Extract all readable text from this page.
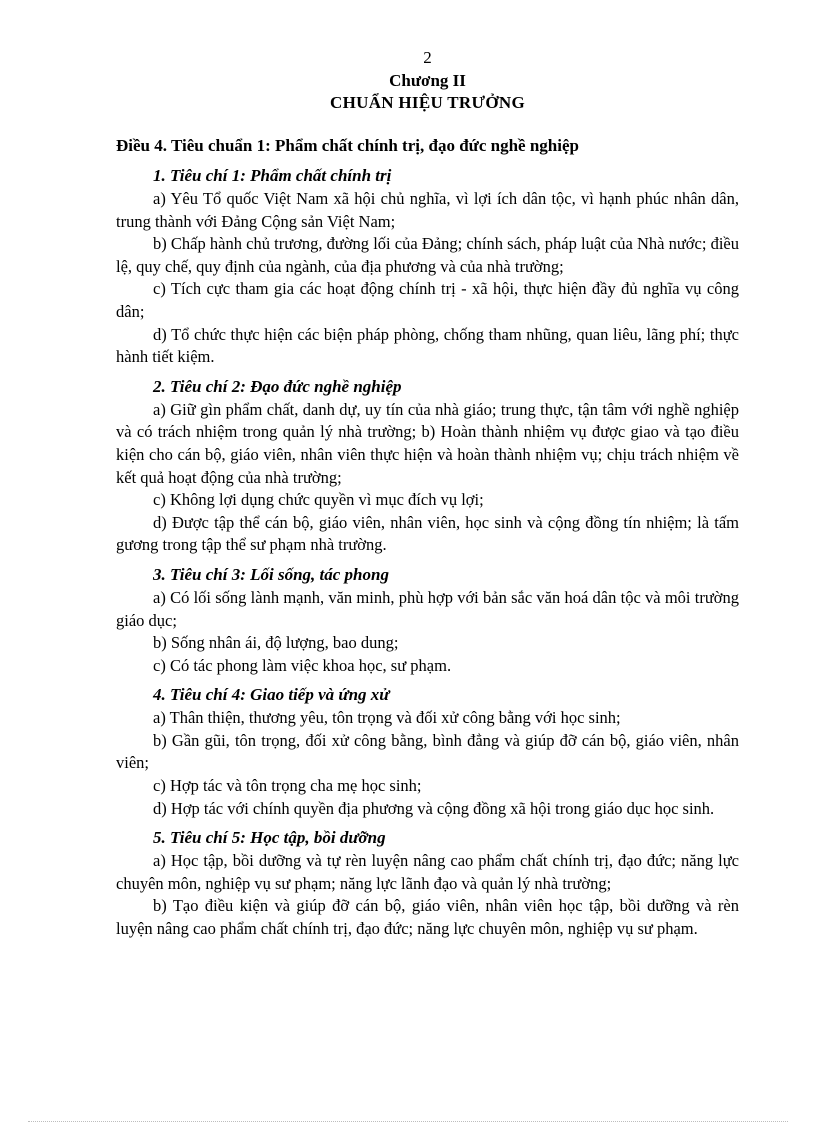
2
Chương II
CHUẨN HIỆU TRƯỞNG
Điều 4. Tiêu chuẩn 1: Phẩm chất chính trị, đạo đức nghề nghiệp
1. Tiêu chí 1: Phẩm chất chính trị

a) Yêu Tổ quốc Việt Nam xã hội chủ nghĩa, vì lợi ích dân tộc, vì hạnh phúc nhân dân, trung thành với Đảng Cộng sản Việt Nam;

b) Chấp hành chủ trương, đường lối của Đảng; chính sách, pháp luật của Nhà nước; điều lệ, quy chế, quy định của ngành, của địa phương và của nhà trường;

c) Tích cực tham gia các hoạt động chính trị - xã hội, thực hiện đầy đủ nghĩa vụ công dân;

d) Tổ chức thực hiện các biện pháp phòng, chống tham nhũng, quan liêu, lãng phí; thực hành tiết kiệm.

2. Tiêu chí 2: Đạo đức nghề nghiệp

a) Giữ gìn phẩm chất, danh dự, uy tín của nhà giáo; trung thực, tận tâm với nghề nghiệp và có trách nhiệm trong quản lý nhà trường; b) Hoàn thành nhiệm vụ được giao và tạo điều kiện cho cán bộ, giáo viên, nhân viên thực hiện và hoàn thành nhiệm vụ; chịu trách nhiệm về kết quả hoạt động của nhà trường;

c) Không lợi dụng chức quyền vì mục đích vụ lợi;

d) Được tập thể cán bộ, giáo viên, nhân viên, học sinh và cộng đồng tín nhiệm; là tấm gương trong tập thể sư phạm nhà trường.

3. Tiêu chí 3: Lối sống, tác phong

a) Có lối sống lành mạnh, văn minh, phù hợp với bản sắc văn hoá dân tộc và môi trường giáo dục;

b) Sống nhân ái, độ lượng, bao dung;

c) Có tác phong làm việc khoa học, sư phạm.

4. Tiêu chí 4: Giao tiếp và ứng xử

a) Thân thiện, thương yêu, tôn trọng và đối xử công bằng với học sinh;

b) Gần gũi, tôn trọng, đối xử công bằng, bình đẳng và giúp đỡ cán bộ, giáo viên, nhân viên;

c) Hợp tác và tôn trọng cha mẹ học sinh;

d) Hợp tác với chính quyền địa phương và cộng đồng xã hội trong giáo dục học sinh.

5. Tiêu chí 5: Học tập, bồi dưỡng

a) Học tập, bồi dưỡng và tự rèn luyện nâng cao phẩm chất chính trị, đạo đức; năng lực chuyên môn, nghiệp vụ sư phạm; năng lực lãnh đạo và quản lý nhà trường;

b) Tạo điều kiện và giúp đỡ cán bộ, giáo viên, nhân viên học tập, bồi dưỡng và rèn luyện nâng cao phẩm chất chính trị, đạo đức; năng lực chuyên môn, nghiệp vụ sư phạm.
